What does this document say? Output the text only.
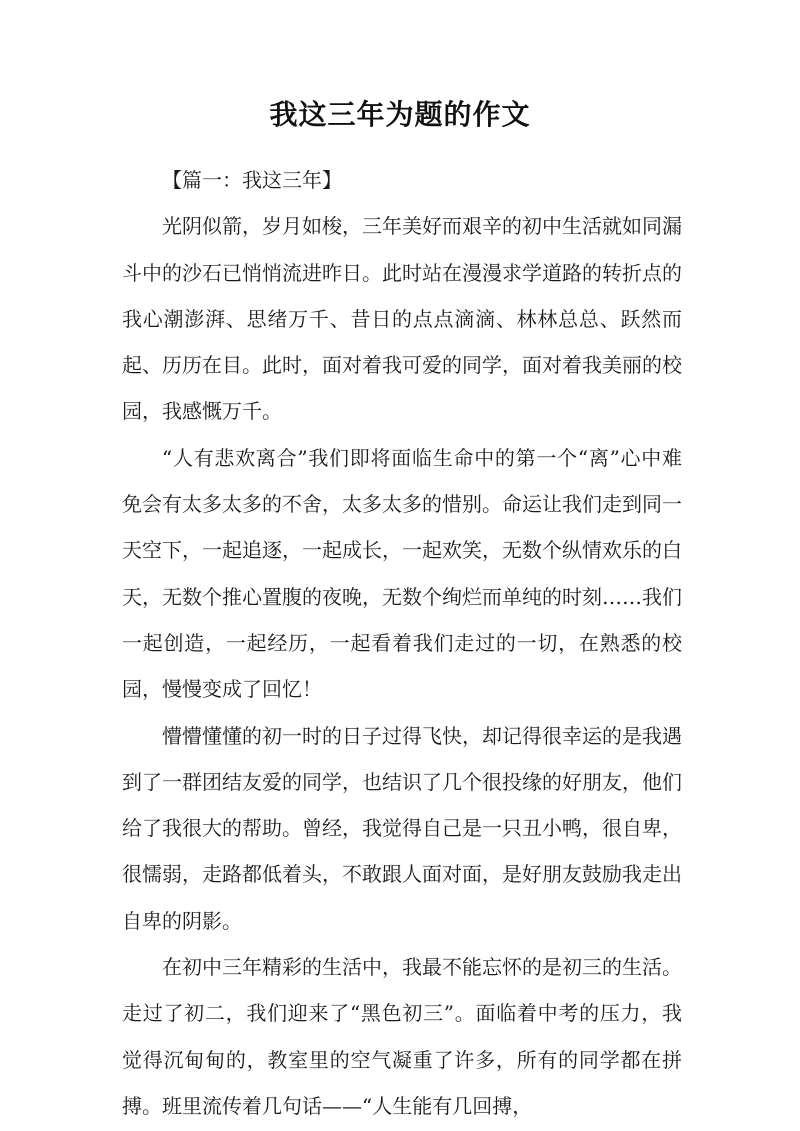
我这三年为题的作文

【篇一：我这三年】

光阴似箭，岁月如梭，三年美好而艰辛的初中生活就如同漏斗中的沙石已悄悄流进昨日。此时站在漫漫求学道路的转折点的我心潮澎湃、思绪万千、昔日的点点滴滴、林林总总、跃然而起、历历在目。此时，面对着我可爱的同学，面对着我美丽的校园，我感慨万千。

“人有悲欢离合”我们即将面临生命中的第一个“离”心中难免会有太多太多的不舍，太多太多的惜别。命运让我们走到同一天空下，一起追逐，一起成长，一起欢笑，无数个纵情欢乐的白天，无数个推心置腹的夜晚，无数个绚烂而单纯的时刻……我们一起创造，一起经历，一起看着我们走过的一切，在熟悉的校园，慢慢变成了回忆！

懵懵懂懂的初一时的日子过得飞快，却记得很幸运的是我遇到了一群团结友爱的同学，也结识了几个很投缘的好朋友，他们给了我很大的帮助。曾经，我觉得自己是一只丑小鸭，很自卑，很懦弱，走路都低着头，不敢跟人面对面，是好朋友鼓励我走出自卑的阴影。

在初中三年精彩的生活中，我最不能忘怀的是初三的生活。走过了初二，我们迎来了“黑色初三”。面临着中考的压力，我觉得沉甸甸的，教室里的空气凝重了许多，所有的同学都在拼搏。班里流传着几句话——“人生能有几回搏，
